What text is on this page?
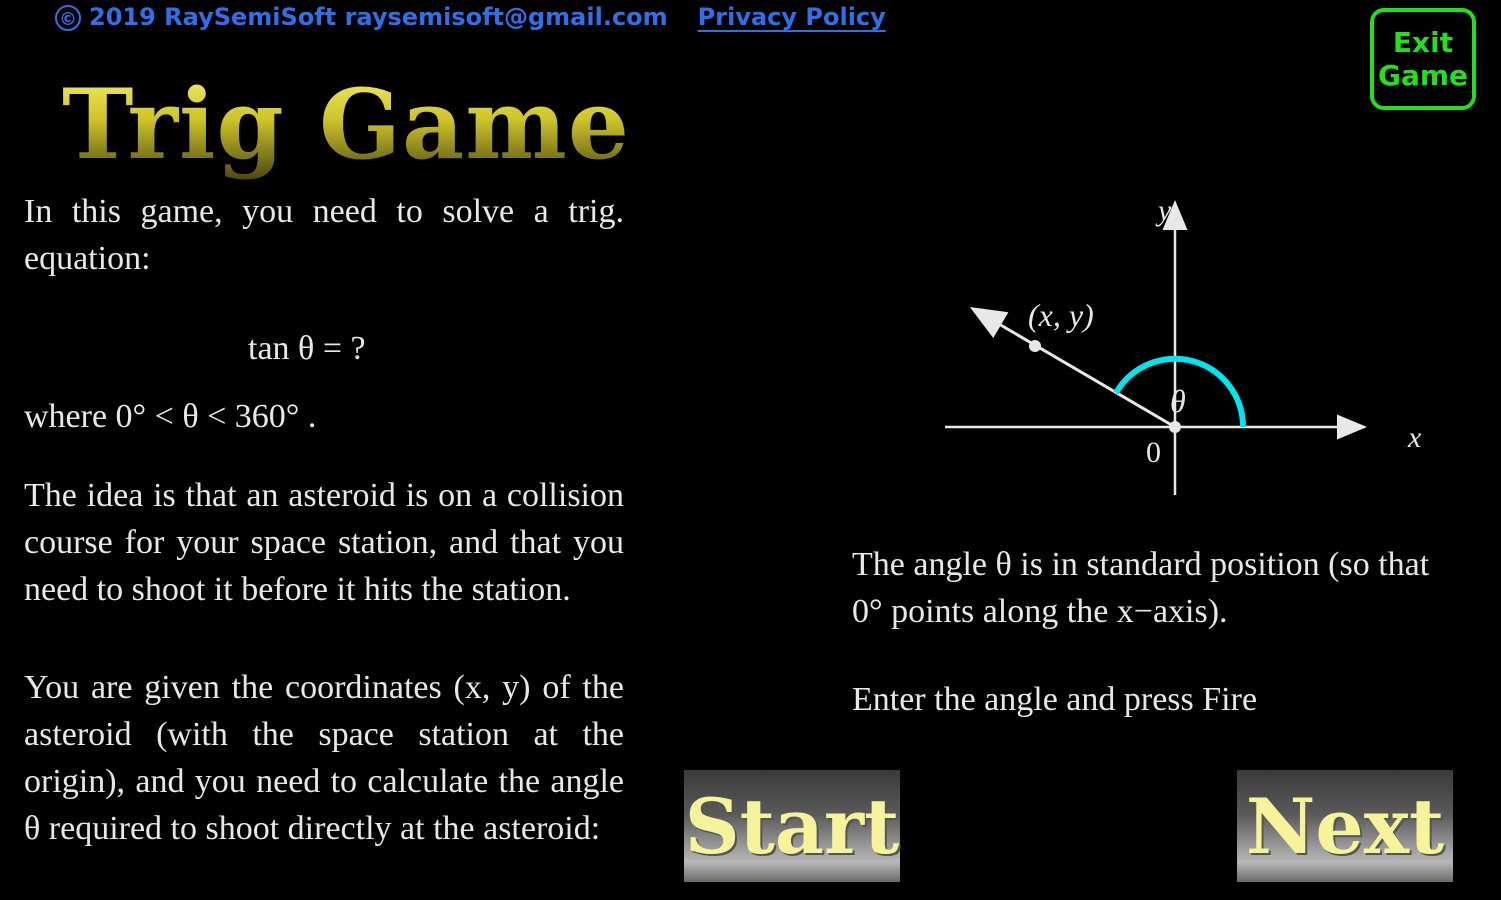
© 2019 RaySemiSoft raysemisoft@gmail.com Privacy Policy
Exit
Game
Trig Game

In this game, you need to solve a trig. equation:

tan θ = ?
where 0° < θ < 360° .

The idea is that an asteroid is on a collision course for your space station, and that you need to shoot it before it hits the station.

You are given the coordinates (x, y) of the asteroid (with the space station at the origin), and you need to calculate the angle θ required to shoot directly at the asteroid:

y
x
0
(x, y)
θ
The angle θ is in standard position (so that 0° points along the x−axis).
Enter the angle and press Fire
Start	Next
